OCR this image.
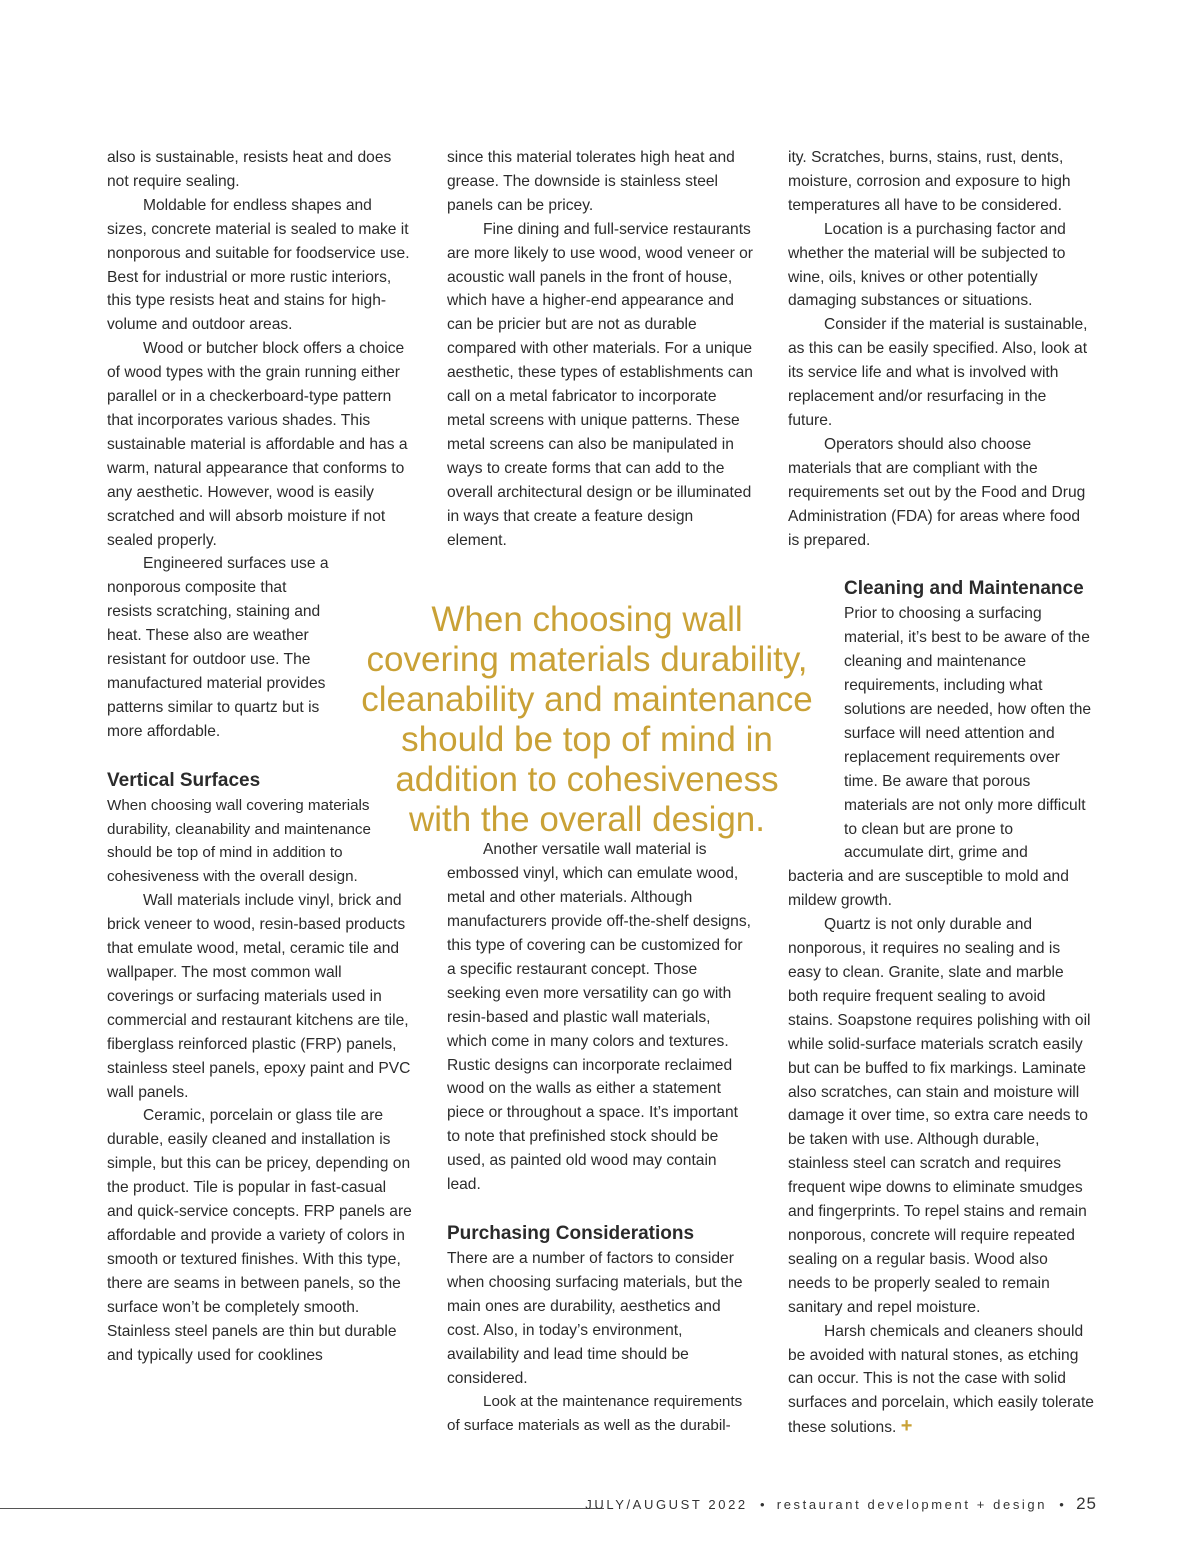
also is sustainable, resists heat and does not require sealing.

Moldable for endless shapes and sizes, concrete material is sealed to make it nonporous and suitable for foodservice use. Best for industrial or more rustic interiors, this type resists heat and stains for high-volume and outdoor areas.

Wood or butcher block offers a choice of wood types with the grain running either parallel or in a checkerboard-type pattern that incorporates various shades. This sustainable material is affordable and has a warm, natural appearance that conforms to any aesthetic. However, wood is easily scratched and will absorb moisture if not sealed properly.

Engineered surfaces use a nonporous composite that resists scratching, staining and heat. These also are weather resistant for outdoor use. The manufactured material provides patterns similar to quartz but is more affordable.

Vertical Surfaces

When choosing wall covering materials durability, cleanability and maintenance should be top of mind in addition to cohesiveness with the overall design.

Wall materials include vinyl, brick and brick veneer to wood, resin-based products that emulate wood, metal, ceramic tile and wallpaper. The most common wall coverings or surfacing materials used in commercial and restaurant kitchens are tile, fiberglass reinforced plastic (FRP) panels, stainless steel panels, epoxy paint and PVC wall panels.

Ceramic, porcelain or glass tile are durable, easily cleaned and installation is simple, but this can be pricey, depending on the product. Tile is popular in fast-casual and quick-service concepts. FRP panels are affordable and provide a variety of colors in smooth or textured finishes. With this type, there are seams in between panels, so the surface won’t be completely smooth. Stainless steel panels are thin but durable and typically used for cooklines

since this material tolerates high heat and grease. The downside is stainless steel panels can be pricey.

Fine dining and full-service restaurants are more likely to use wood, wood veneer or acoustic wall panels in the front of house, which have a higher-end appearance and can be pricier but are not as durable compared with other materials. For a unique aesthetic, these types of establishments can call on a metal fabricator to incorporate metal screens with unique patterns. These metal screens can also be manipulated in ways to create forms that can add to the overall architectural design or be illuminated in ways that create a feature design element.

Another versatile wall material is embossed vinyl, which can emulate wood, metal and other materials. Although manufacturers provide off-the-shelf designs, this type of covering can be customized for a specific restaurant concept. Those seeking even more versatility can go with resin-based and plastic wall materials, which come in many colors and textures. Rustic designs can incorporate reclaimed wood on the walls as either a statement piece or throughout a space. It’s important to note that prefinished stock should be used, as painted old wood may contain lead.

Purchasing Considerations

There are a number of factors to consider when choosing surfacing materials, but the main ones are durability, aesthetics and cost. Also, in today’s environment, availability and lead time should be considered.

Look at the maintenance requirements of surface materials as well as the durabil-

ity. Scratches, burns, stains, rust, dents, moisture, corrosion and exposure to high temperatures all have to be considered.

Location is a purchasing factor and whether the material will be subjected to wine, oils, knives or other potentially damaging substances or situations.

Consider if the material is sustainable, as this can be easily specified. Also, look at its service life and what is involved with replacement and/or resurfacing in the future.

Operators should also choose materials that are compliant with the requirements set out by the Food and Drug Administration (FDA) for areas where food is prepared.

Cleaning and Maintenance

Prior to choosing a surfacing material, it’s best to be aware of the cleaning and maintenance requirements, including what solutions are needed, how often the surface will need attention and replacement requirements over time. Be aware that porous materials are not only more difficult to clean but are prone to accumulate dirt, grime and

bacteria and are susceptible to mold and mildew growth.

Quartz is not only durable and nonporous, it requires no sealing and is easy to clean. Granite, slate and marble both require frequent sealing to avoid stains. Soapstone requires polishing with oil while solid-surface materials scratch easily but can be buffed to fix markings. Laminate also scratches, can stain and moisture will damage it over time, so extra care needs to be taken with use. Although durable, stainless steel can scratch and requires frequent wipe downs to eliminate smudges and fingerprints. To repel stains and remain nonporous, concrete will require repeated sealing on a regular basis. Wood also needs to be properly sealed to remain sanitary and repel moisture.

Harsh chemicals and cleaners should be avoided with natural stones, as etching can occur. This is not the case with solid surfaces and porcelain, which easily tolerate these solutions. +

When choosing wall
covering materials durability,
cleanability and maintenance
should be top of mind in
addition to cohesiveness
with the overall design.
JULY/AUGUST 2022 • restaurant development + design • 25
